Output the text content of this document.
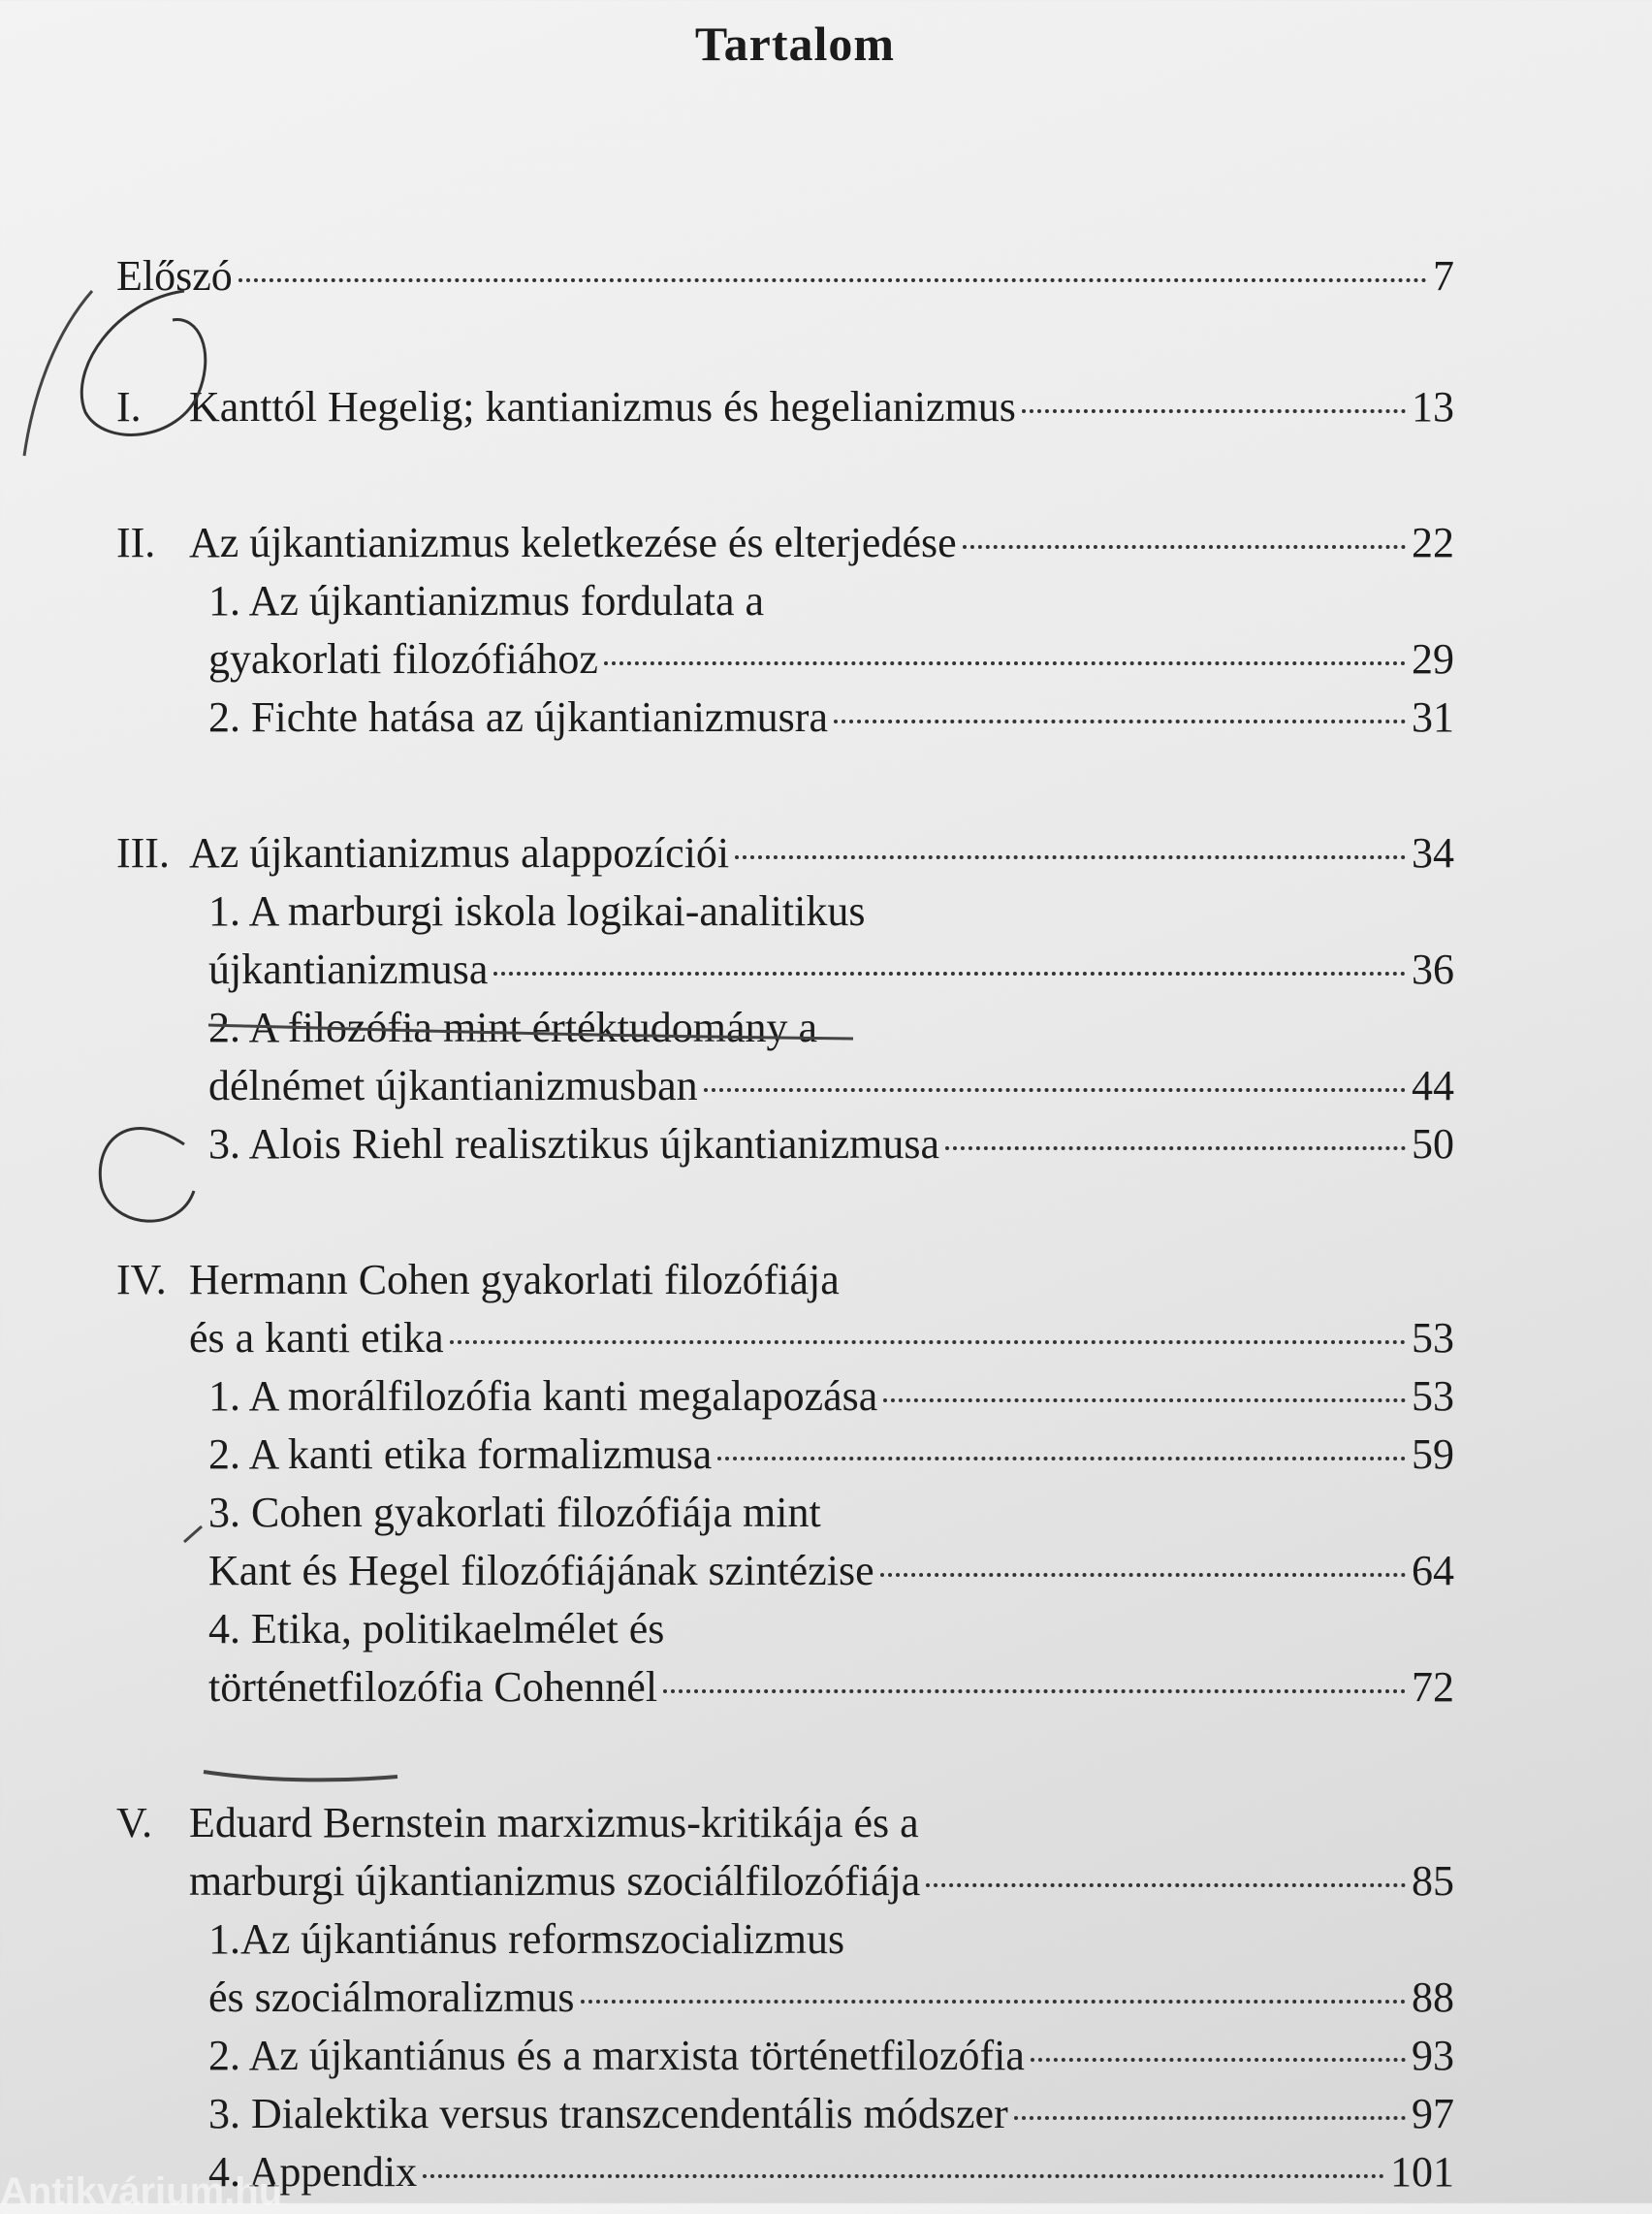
Tartalom
Előszó	7
I. Kanttól Hegelig; kantianizmus és hegelianizmus	13
II. Az újkantianizmus keletkezése és elterjedése	22
1. Az újkantianizmus fordulata a
gyakorlati filozófiához	29
2. Fichte hatása az újkantianizmusra	31
III. Az újkantianizmus alappozíciói	34
1. A marburgi iskola logikai-analitikus
újkantianizmusa	36
2. A filozófia mint értéktudomány a
délnémet újkantianizmusban	44
3. Alois Riehl realisztikus újkantianizmusa	50
IV. Hermann Cohen gyakorlati filozófiája
és a kanti etika	53
1. A morálfilozófia kanti megalapozása	53
2. A kanti etika formalizmusa	59
3. Cohen gyakorlati filozófiája mint
Kant és Hegel filozófiájának szintézise	64
4. Etika, politikaelmélet és
történetfilozófia Cohennél	72
V. Eduard Bernstein marxizmus-kritikája és a
marburgi újkantianizmus szociálfilozófiája	85
1.Az újkantiánus reformszocializmus
és szociálmoralizmus	88
2. Az újkantiánus és a marxista történetfilozófia	93
3. Dialektika versus transzcendentális módszer	97
4. Appendix	101
Antikvárium.hu
